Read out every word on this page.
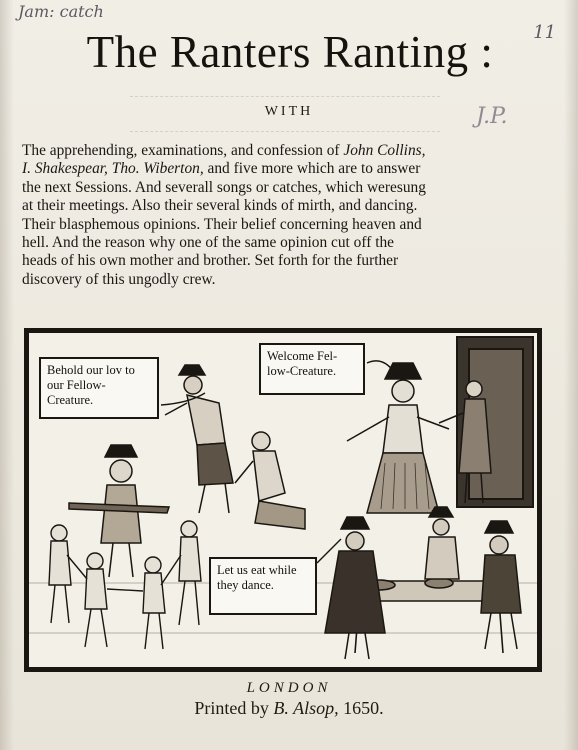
Jam: catch
11
The Ranters Ranting :
WITH	J.P.
The apprehending, examinations, and confession of John Collins,
I. Shakespear, Tho. Wiberton, and five more which are to answer
the next Sessions. And severall songs or catches, which weresung
at their meetings. Also their several kinds of mirth, and dancing.
Their blasphemous opinions. Their belief concerning heaven and
hell. And the reason why one of the same opinion cut off the
heads of his own mother and brother. Set forth for the further
discovery of this ungodly crew.
Behold our lov to our Fellow-Creature.
Welcome Fel-low-Creature.
Let us eat while they dance.
LONDON
Printed by B. Alsop, 1650.
